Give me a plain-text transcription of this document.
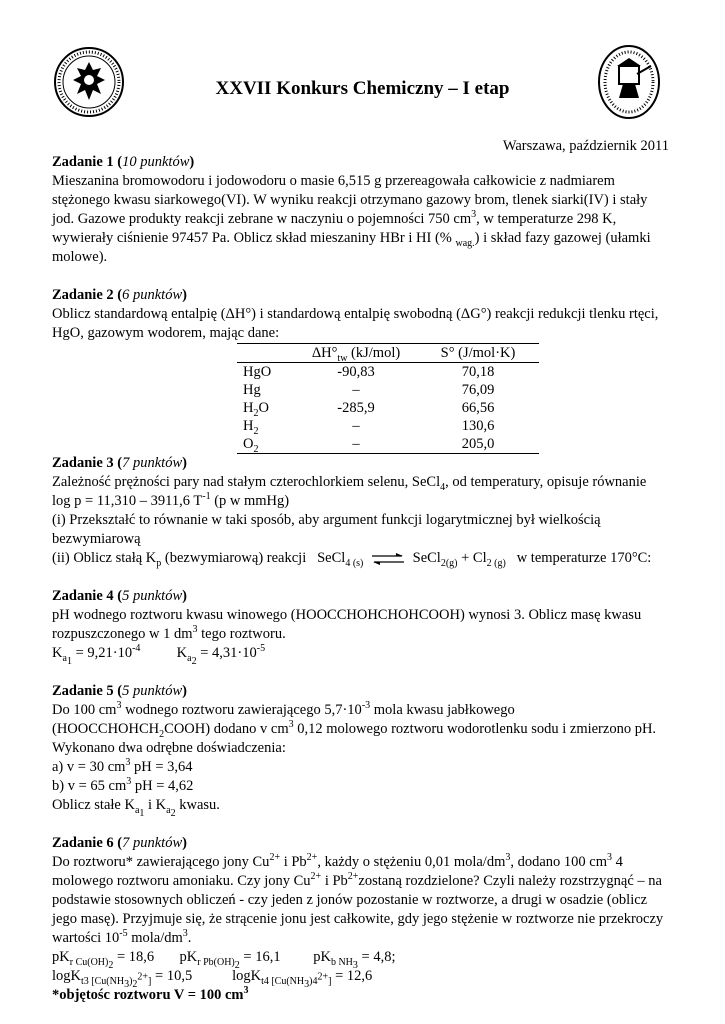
XXVII Konkurs Chemiczny – I etap
Warszawa, październik 2011
Zadanie 1 (10 punktów)
Mieszanina bromowodoru i jodowodoru o masie 6,515 g przereagowała całkowicie z nadmiarem
stężonego kwasu siarkowego(VI). W wyniku reakcji otrzymano gazowy brom, tlenek siarki(IV) i stały
jod. Gazowe produkty reakcji zebrane w naczyniu o pojemności 750 $cm^3$, w temperaturze 298 K,
wywierały ciśnienie 97457 Pa. Oblicz skład mieszaniny HBr i HI (% $_{wag.}$) i skład fazy gazowej (ułamki
molowe).
Zadanie 2 (6 punktów)
Oblicz standardową entalpię (ΔH°) i standardową entalpię swobodną (ΔG°) reakcji redukcji tlenku rtęci,
HgO, gazowym wodorem, mając dane:
	$\Delta H^\circ_{tw}$ (kJ/mol)	S° (J/mol·K)
HgO	-90,83	70,18
Hg	–	76,09
$H_2O$	-285,9	66,56
$H_2$	–	130,6
$O_2$	–	205,0
Zadanie 3 (7 punktów)
Zależność prężności pary nad stałym czterochlorkiem selenu, SeCl$_4$, od temperatury, opisuje równanie
log p = 11,310 – 3911,6 $T^{-1}$ (p w mmHg)
(i) Przekształć to równanie w taki sposób, aby argument funkcji logarytmicznej był wielkością
bezwymiarową
(ii) Oblicz stałą $K_p$ (bezwymiarową) reakcji SeCl$_{4 (s)}$ ⇌ SeCl$_{2(g)}$ + $Cl_{2 (g)}$ w temperaturze 170°C:
Zadanie 4 (5 punktów)
pH wodnego roztworu kwasu winowego (HOOCCHOHCHOHCOOH) wynosi 3. Oblicz masę kwasu
rozpuszczonego w 1 $dm^3$ tego roztworu.
$K_{a_1} = 9,21\cdot 10^{-4}$	$K_{a_2} = 4,31\cdot 10^{-5}$
Zadanie 5 (5 punktów)
Do 100 $cm^3$ wodnego roztworu zawierającego $5,7\cdot 10^{-3}$ mola kwasu jabłkowego
$(HOOCCHOHCH_2COOH)$ dodano v $cm^3$ 0,12 molowego roztworu wodorotlenku sodu i zmierzono pH.
Wykonano dwa odrębne doświadczenia:
a) v = 30 $cm^3$ pH = 3,64
b) v = 65 $cm^3$ pH = 4,62
Oblicz stałe $K_{a_1}$ i $K_{a_2}$ kwasu.
Zadanie 6 (7 punktów)
Do roztworu* zawierającego jony $Cu^{2+}$ i $Pb^{2+}$, każdy o stężeniu 0,01 mola/$dm^3$, dodano 100 $cm^3$ 4
molowego roztworu amoniaku. Czy jony $Cu^{2+}$ i $Pb^{2+}zostaną$ rozdzielone? Czyli należy rozstrzygnąć – na
podstawie stosownych obliczeń - czy jeden z jonów pozostanie w roztworze, a drugi w osadzie (oblicz
jego masę). Przyjmuje się, że strącenie jonu jest całkowite, gdy jego stężenie w roztworze nie przekroczy
wartości $10^{-5}$ mola/$dm^3$.
$pK_{r Cu(OH)_2} = 18,6$ $pK_{r Pb(OH)_2} = 16,1$ $pK_{b NH_3} = 4,8$;
logK$_{t3 [Cu(NH_3)_2^{2+}]}$ = 10,5	logK$_{t4 [Cu(NH_3)4^{2+}]}$ = 12,6
*objętośc roztworu V = 100 $cm^3$
